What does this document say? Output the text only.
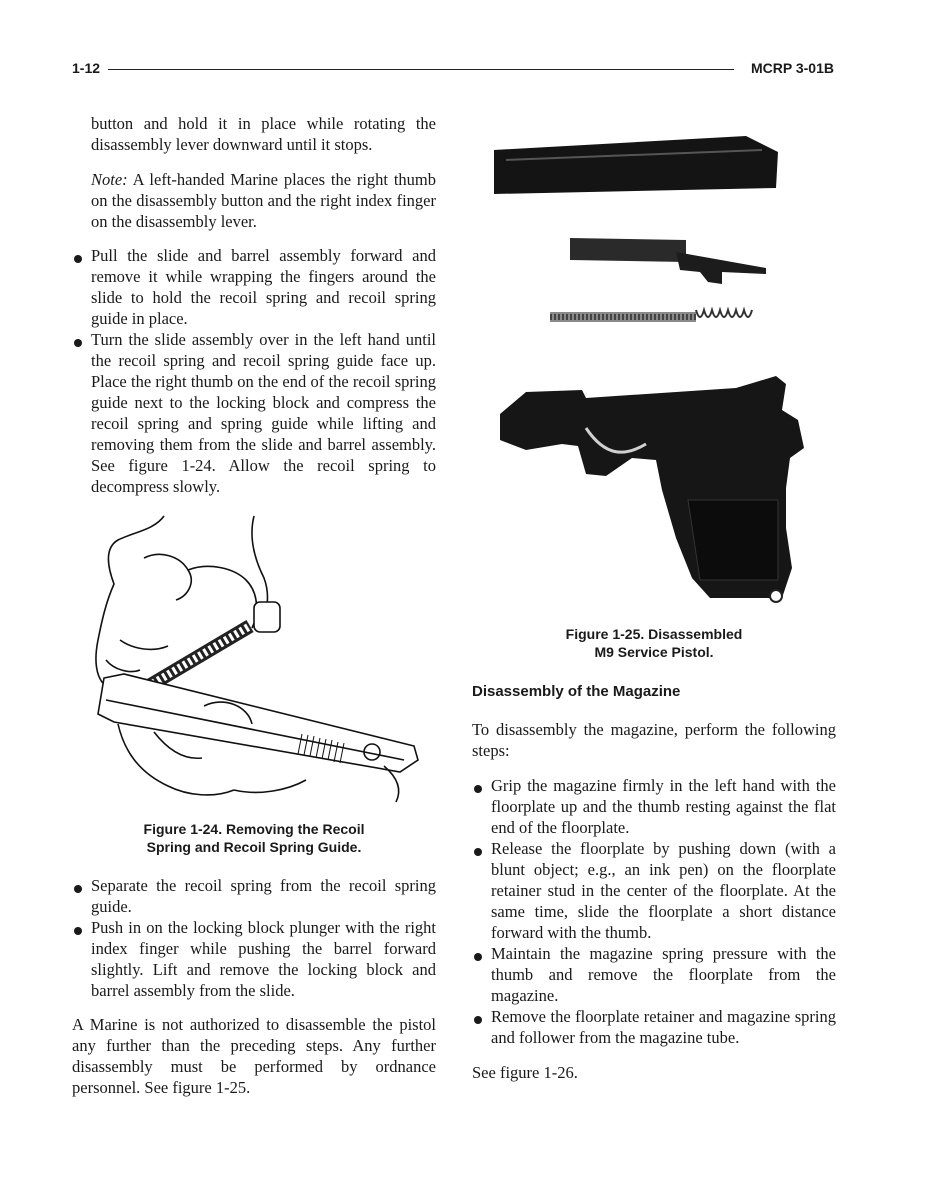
1-12	MCRP 3-01B

button and hold it in place while rotating the disassembly lever downward until it stops.

Note: A left-handed Marine places the right thumb on the disassembly button and the right index finger on the disassembly lever.

Pull the slide and barrel assembly forward and remove it while wrapping the fingers around the slide to hold the recoil spring and recoil spring guide in place.
Turn the slide assembly over in the left hand until the recoil spring and recoil spring guide face up. Place the right thumb on the end of the recoil spring guide next to the locking block and compress the recoil spring and spring guide while lifting and removing them from the slide and barrel assembly. See figure 1-24. Allow the recoil spring to decompress slowly.
Figure 1-24. Removing the Recoil
Spring and Recoil Spring Guide.
Separate the recoil spring from the recoil spring guide.
Push in on the locking block plunger with the right index finger while pushing the barrel forward slightly. Lift and remove the locking block and barrel assembly from the slide.

A Marine is not authorized to disassemble the pistol any further than the preceding steps. Any further disassembly must be performed by ordnance personnel. See figure 1-25.

Figure 1-25. Disassembled
M9 Service Pistol.
Disassembly of the Magazine

To disassembly the magazine, perform the following steps:

Grip the magazine firmly in the left hand with the floorplate up and the thumb resting against the flat end of the floorplate.
Release the floorplate by pushing down (with a blunt object; e.g., an ink pen) on the floorplate retainer stud in the center of the floorplate. At the same time, slide the floorplate a short distance forward with the thumb.
Maintain the magazine spring pressure with the thumb and remove the floorplate from the magazine.
Remove the floorplate retainer and magazine spring and follower from the magazine tube.

See figure 1-26.
